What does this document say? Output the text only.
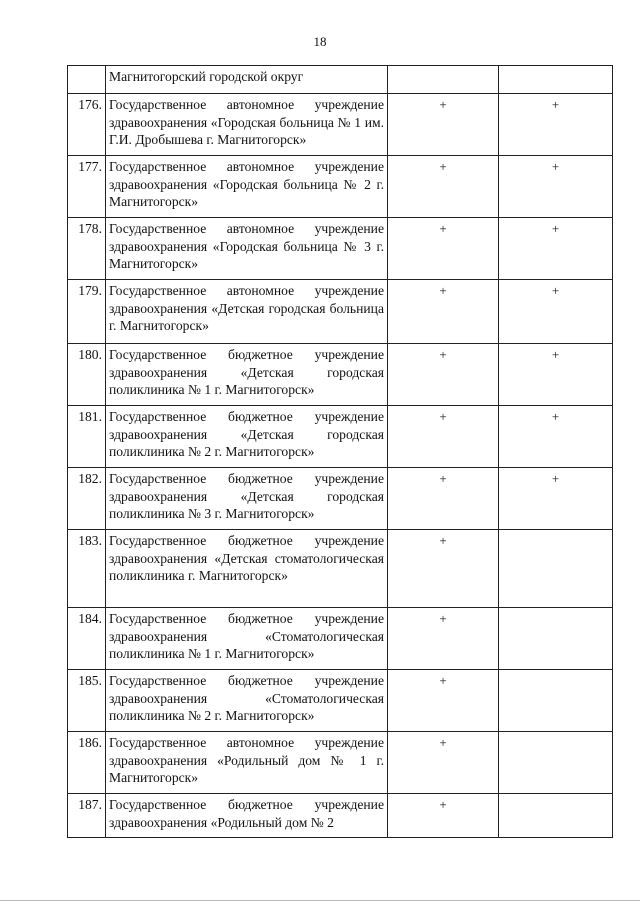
18
	Магнитогорский городской округ		
176.	Государственное автономное учреждение здравоохранения «Городская больница № 1 им. Г.И. Дробышева г. Магнитогорск»	+	+
177.	Государственное автономное учреждение здравоохранения «Городская больница № 2 г. Магнитогорск»	+	+
178.	Государственное автономное учреждение здравоохранения «Городская больница № 3 г. Магнитогорск»	+	+
179.	Государственное автономное учреждение здравоохранения «Детская городская больница г. Магнитогорск»	+	+
180.	Государственное бюджетное учреждение здравоохранения «Детская городская поликлиника № 1 г. Магнитогорск»	+	+
181.	Государственное бюджетное учреждение здравоохранения «Детская городская поликлиника № 2 г. Магнитогорск»	+	+
182.	Государственное бюджетное учреждение здравоохранения «Детская городская поликлиника № 3 г. Магнитогорск»	+	+
183.	Государственное бюджетное учреждение здравоохранения «Детская стоматологическая поликлиника г. Магнитогорск»	+	
184.	Государственное бюджетное учреждение здравоохранения «Стоматологическая поликлиника № 1 г. Магнитогорск»	+	
185.	Государственное бюджетное учреждение здравоохранения «Стоматологическая поликлиника № 2 г. Магнитогорск»	+	
186.	Государственное автономное учреждение здравоохранения «Родильный дом № 1 г. Магнитогорск»	+	
187.	Государственное бюджетное учреждение здравоохранения «Родильный дом № 2	+	
